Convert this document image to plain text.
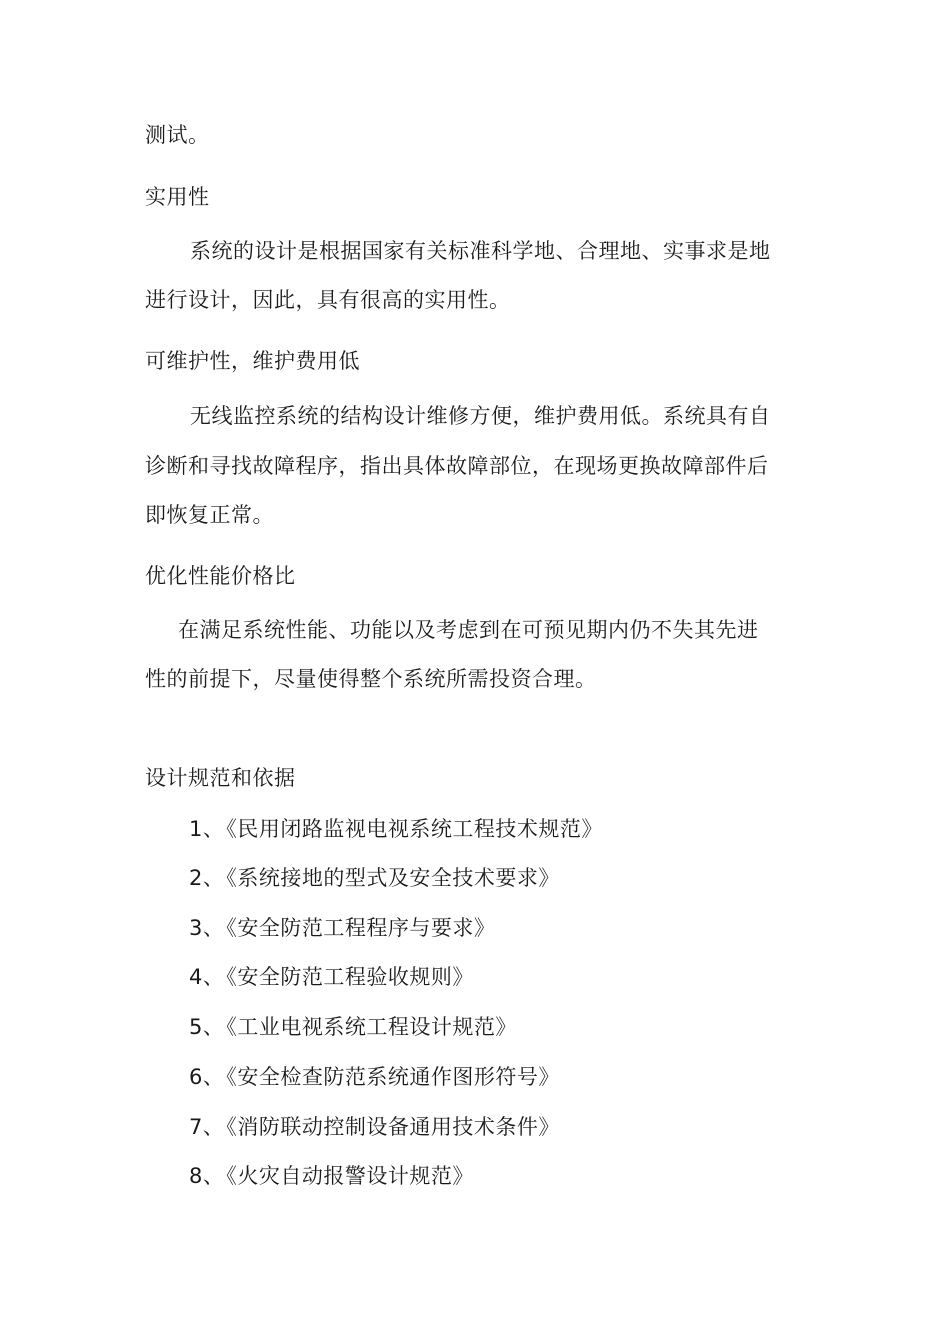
测试。
实用性
系统的设计是根据国家有关标准科学地、合理地、实事求是地
进行设计，因此，具有很高的实用性。
可维护性，维护费用低
无线监控系统的结构设计维修方便，维护费用低。系统具有自
诊断和寻找故障程序，指出具体故障部位，在现场更换故障部件后
即恢复正常。
优化性能价格比
在满足系统性能、功能以及考虑到在可预见期内仍不失其先进
性的前提下，尽量使得整个系统所需投资合理。
设计规范和依据
1、《民用闭路监视电视系统工程技术规范》
2、《系统接地的型式及安全技术要求》
3、《安全防范工程程序与要求》
4、《安全防范工程验收规则》
5、《工业电视系统工程设计规范》
6、《安全检查防范系统通作图形符号》
7、《消防联动控制设备通用技术条件》
8、《火灾自动报警设计规范》
